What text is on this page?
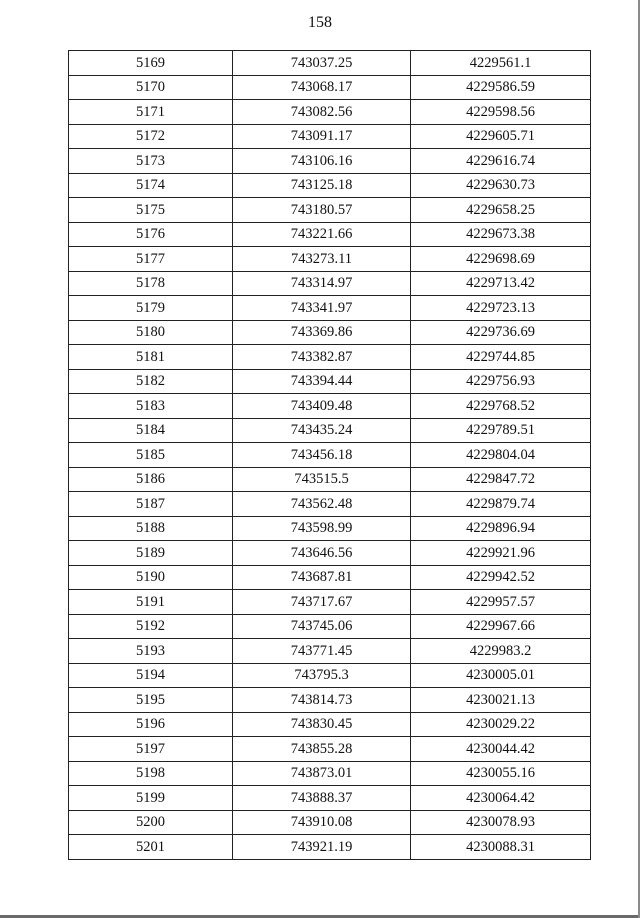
158
5169	743037.25	4229561.1
5170	743068.17	4229586.59
5171	743082.56	4229598.56
5172	743091.17	4229605.71
5173	743106.16	4229616.74
5174	743125.18	4229630.73
5175	743180.57	4229658.25
5176	743221.66	4229673.38
5177	743273.11	4229698.69
5178	743314.97	4229713.42
5179	743341.97	4229723.13
5180	743369.86	4229736.69
5181	743382.87	4229744.85
5182	743394.44	4229756.93
5183	743409.48	4229768.52
5184	743435.24	4229789.51
5185	743456.18	4229804.04
5186	743515.5	4229847.72
5187	743562.48	4229879.74
5188	743598.99	4229896.94
5189	743646.56	4229921.96
5190	743687.81	4229942.52
5191	743717.67	4229957.57
5192	743745.06	4229967.66
5193	743771.45	4229983.2
5194	743795.3	4230005.01
5195	743814.73	4230021.13
5196	743830.45	4230029.22
5197	743855.28	4230044.42
5198	743873.01	4230055.16
5199	743888.37	4230064.42
5200	743910.08	4230078.93
5201	743921.19	4230088.31
